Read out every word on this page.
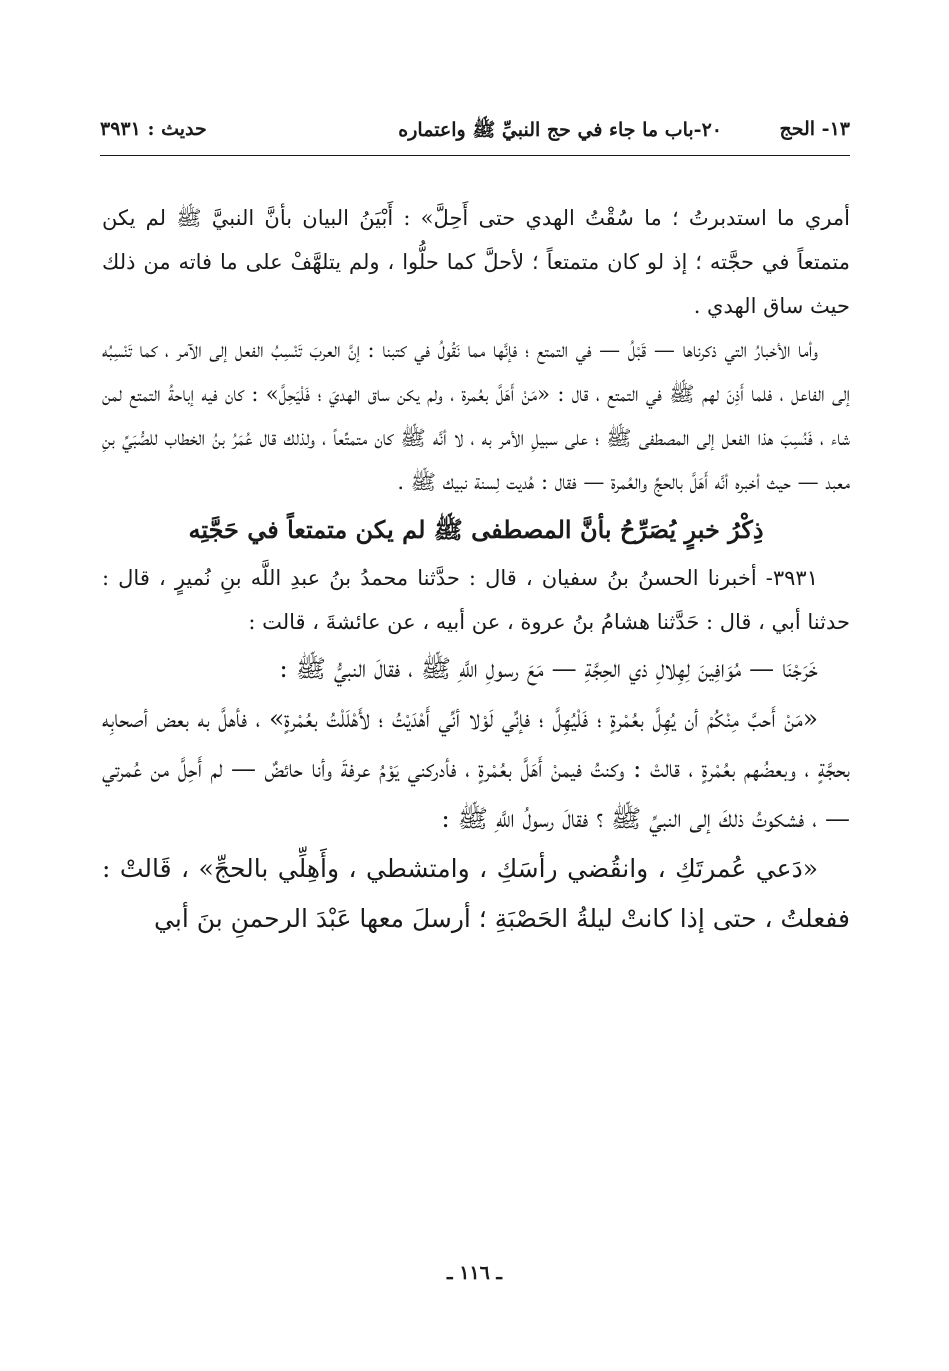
١٣- الحج
٢٠-باب ما جاء في حج النبيِّ ﷺ واعتماره
حديث : ٣٩٣١

أمري ما استدبرتُ ؛ ما سُقْتُ الهدي حتى أَحِلَّ» : أَبْيَنُ البيان بأنَّ النبيَّ ﷺ لم يكن متمتعاً في حجَّته ؛ إذ لو كان متمتعاً ؛ لأحلَّ كما حلُّوا ، ولم يتلهَّفْ على ما فاته من ذلك حيث ساق الهدي .

وأما الأخبارُ التي ذكرناها — قَبْلُ — في التمتع ؛ فإنَّها مما نَقُولُ في كتبنا : إنَّ العربَ تَنْسِبُ الفعل إلى الآمر ، كما تَنْسِبُه إلى الفاعل ، فلما أَذِنَ لهم ﷺ في التمتع ، قال : «مَنْ أَهَلَّ بعُمرة ، ولم يكن ساق الهديَ ؛ فَلْيَحِلَّ» : كان فيه إباحةُ التمتع لمن شاء ، فَنُسِبَ هذا الفعل إلى المصطفى ﷺ ؛ على سبيلِ الأمر به ، لا أنَّه ﷺ كان متمتِّعاً ، ولذلك قال عُمَرُ بنُ الخطاب للصُّبَيِّ بنِ معبد — حيث أخبره أنَّه أَهَلَّ بالحجِّ والعُمرة — فقال : هُديت لِسنة نبيك ﷺ .

ذِكْرُ خبرٍ يُصَرِّحُ بأنَّ المصطفى ﷺ لم يكن متمتعاً في حَجَّتِه

٣٩٣١- أخبرنا الحسنُ بنُ سفيان ، قال : حدَّثنا محمدُ بنُ عبدِ اللَّه بنِ نُميرٍ ، قال : حدثنا أبي ، قال : حَدَّثنا هشامُ بنُ عروة ، عن أبيه ، عن عائشةَ ، قالت :

خَرَجْنَا — مُوَافِينَ لِهِلالِ ذي الحِجَّةِ — مَعَ رسولِ اللَّهِ ﷺ ، فقالَ النبيُّ ﷺ :

«مَنْ أَحبَّ مِنْكُمْ أن يُهِلَّ بعُمْرةٍ ؛ فَلْيُهِلَّ ؛ فإنِّي لَوْلا أنِّي أَهْدَيْتُ ؛ لأَهْلَلْتُ بعُمْرةٍ» ، فأهلَّ به بعض أصحابِه بحجَّةٍ ، وبعضُهم بعُمْرةٍ ، قالتْ : وكنتُ فيمنْ أَهَلَّ بعُمْرةٍ ، فأدركني يَوْمُ عرفةَ وأنا حائضٌ — لم أَحِلَّ من عُمرتي — ، فشكوتُ ذلكَ إلى النبيِّ ﷺ ؟ فقالَ رسولُ اللَّهِ ﷺ :

«دَعي عُمرتَكِ ، وانقُضي رأسَكِ ، وامتشطي ، وأَهِلِّي بالحجِّ» ، قَالتْ : ففعلتُ ، حتى إذا كانتْ ليلةُ الحَصْبَةِ ؛ أرسلَ معها عَبْدَ الرحمنِ بنَ أبي

ـ ١١٦ ـ
